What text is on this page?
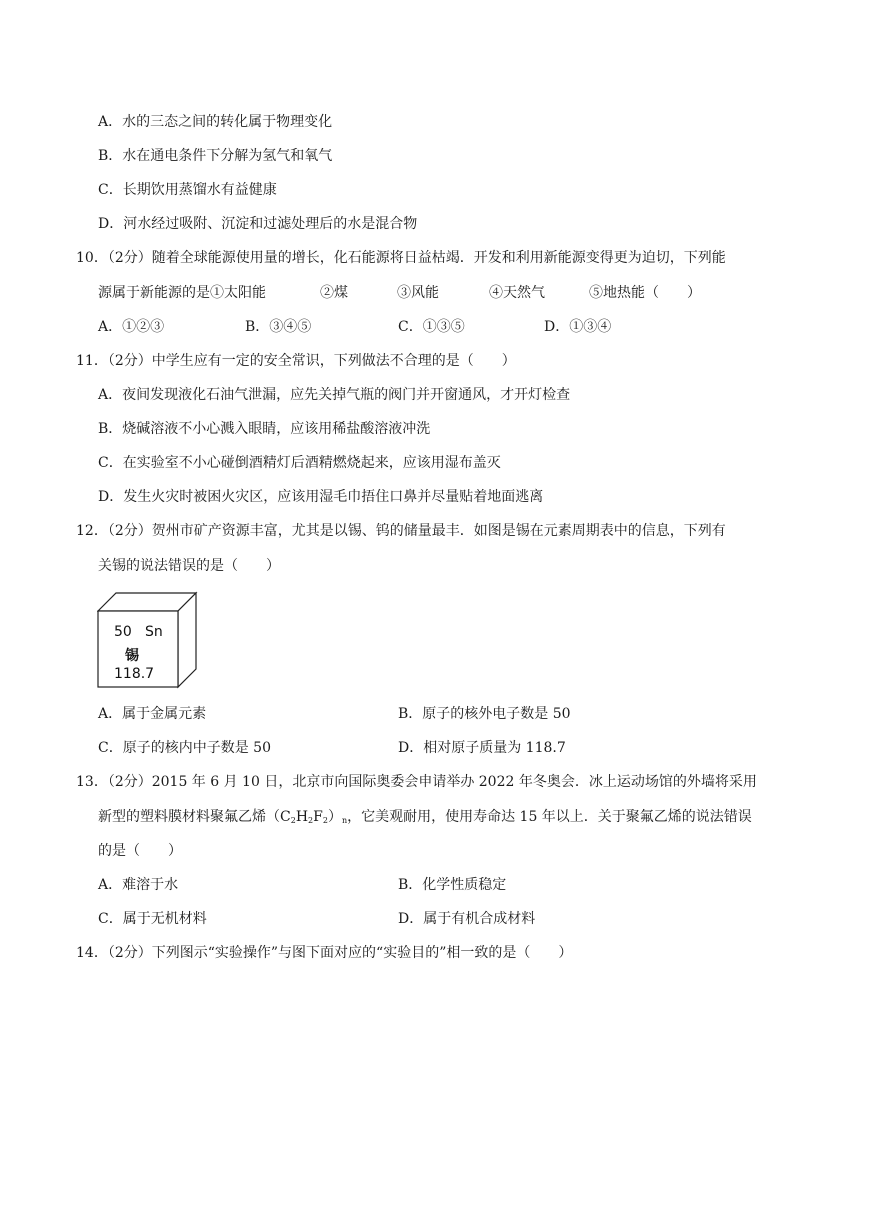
A．水的三态之间的转化属于物理变化
B．水在通电条件下分解为氢气和氧气
C．长期饮用蒸馏水有益健康
D．河水经过吸附、沉淀和过滤处理后的水是混合物
10．（2分）随着全球能源使用量的增长，化石能源将日益枯竭．开发和利用新能源变得更为迫切，下列能
源属于新能源的是①太阳能	②煤	③风能	④天然气	⑤地热能（　　）
A．①②③	B．③④⑤	C．①③⑤	D．①③④
11．（2分）中学生应有一定的安全常识，下列做法不合理的是（　　）
A．夜间发现液化石油气泄漏，应先关掉气瓶的阀门并开窗通风，才开灯检查
B．烧碱溶液不小心溅入眼睛，应该用稀盐酸溶液冲洗
C．在实验室不小心碰倒酒精灯后酒精燃烧起来，应该用湿布盖灭
D．发生火灾时被困火灾区，应该用湿毛巾捂住口鼻并尽量贴着地面逃离
12．（2分）贺州市矿产资源丰富，尤其是以锡、钨的储量最丰．如图是锡在元素周期表中的信息，下列有
关锡的说法错误的是（　　）
50 Sn
锡
118.7
A．属于金属元素	B．原子的核外电子数是 50
C．原子的核内中子数是 50	D．相对原子质量为 118.7
13．（2分）2015 年 6 月 10 日，北京市向国际奥委会申请举办 2022 年冬奥会．冰上运动场馆的外墙将采用
新型的塑料膜材料聚氟乙烯$(C_2H_2F_2)_n$，它美观耐用，使用寿命达 15 年以上．关于聚氟乙烯的说法错误
的是（　　）
A．难溶于水	B．化学性质稳定
C．属于无机材料	D．属于有机合成材料
14．（2分）下列图示“实验操作”与图下面对应的“实验目的”相一致的是（　　）
